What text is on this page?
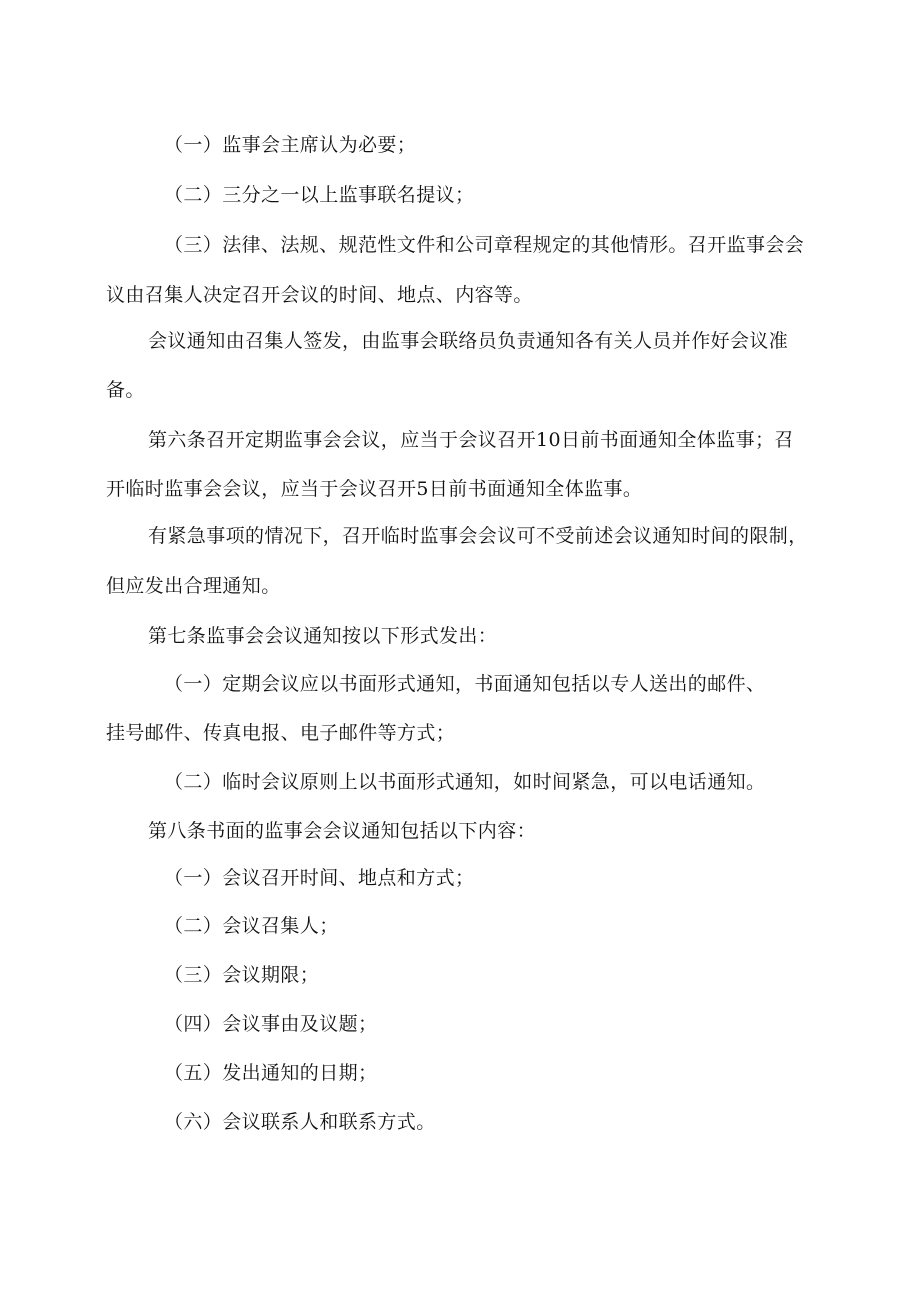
（一）监事会主席认为必要；
（二）三分之一以上监事联名提议；
（三）法律、法规、规范性文件和公司章程规定的其他情形。召开监事会会
议由召集人决定召开会议的时间、地点、内容等。
会议通知由召集人签发，由监事会联络员负责通知各有关人员并作好会议准
备。
第六条召开定期监事会会议，应当于会议召开10日前书面通知全体监事；召
开临时监事会会议，应当于会议召开5日前书面通知全体监事。
有紧急事项的情况下，召开临时监事会会议可不受前述会议通知时间的限制，
但应发出合理通知。
第七条监事会会议通知按以下形式发出：
（一）定期会议应以书面形式通知，书面通知包括以专人送出的邮件、
挂号邮件、传真电报、电子邮件等方式；
（二）临时会议原则上以书面形式通知，如时间紧急，可以电话通知。
第八条书面的监事会会议通知包括以下内容：
（一）会议召开时间、地点和方式；
（二）会议召集人；
（三）会议期限；
（四）会议事由及议题；
（五）发出通知的日期；
（六）会议联系人和联系方式。
